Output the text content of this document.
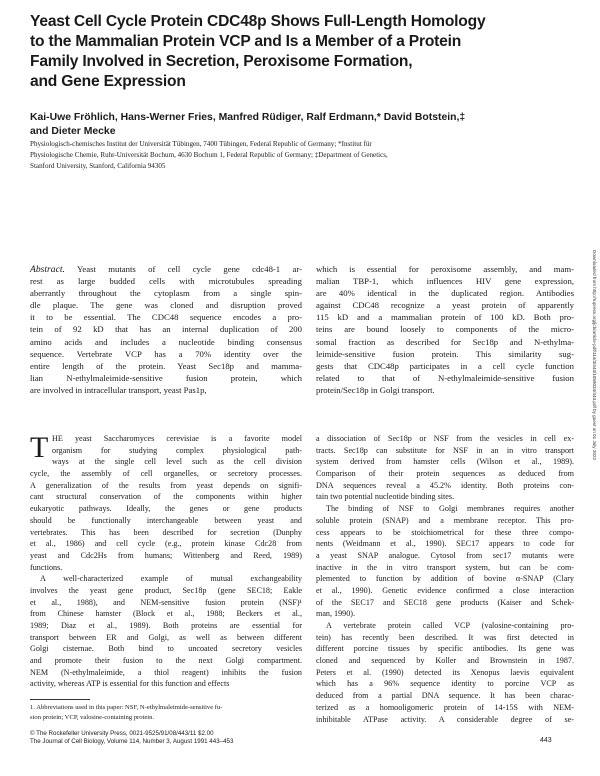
Yeast Cell Cycle Protein CDC48p Shows Full-Length Homology
to the Mammalian Protein VCP and Is a Member of a Protein
Family Involved in Secretion, Peroxisome Formation,
and Gene Expression
Kai-Uwe Fröhlich, Hans-Werner Fries, Manfred Rüdiger, Ralf Erdmann,* David Botstein,‡
and Dieter Mecke
Physiologisch-chemisches Institut der Universität Tübingen, 7400 Tübingen, Federal Republic of Germany; *Institut für
Physiologische Chemie, Ruhr-Universität Bochum, 4630 Bochum 1, Federal Republic of Germany; ‡Department of Genetics,
Stanford University, Stanford, California 94305
Abstract. Yeast mutants of cell cycle gene cdc48-1 ar-
rest as large budded cells with microtubules spreading
aberrantly throughout the cytoplasm from a single spin-
dle plaque. The gene was cloned and disruption proved
it to be essential. The CDC48 sequence encodes a pro-
tein of 92 kD that has an internal duplication of 200
amino acids and includes a nucleotide binding consensus
sequence. Vertebrate VCP has a 70% identity over the
entire length of the protein. Yeast Sec18p and mamma-
lian N-ethylmaleimide-sensitive fusion protein, which
are involved in intracellular transport, yeast Pas1p,
which is essential for peroxisome assembly, and mam-
malian TBP-1, which influences HIV gene expression,
are 40% identical in the duplicated region. Antibodies
against CDC48 recognize a yeast protein of apparently
115 kD and a mammalian protein of 100 kD. Both pro-
teins are bound loosely to components of the micro-
somal fraction as described for Sec18p and N-ethylma-
leimide-sensitive fusion protein. This similarity sug-
gests that CDC48p participates in a cell cycle function
related to that of N-ethylmaleimide-sensitive fusion
protein/Sec18p in Golgi transport.
T HE yeast Saccharomyces cerevisiae is a favorite model
organism for studying complex physiological path-
ways at the single cell level such as the cell division
cycle, the assembly of cell organelles, or secretory processes.
A generalization of the results from yeast depends on signifi-
cant structural conservation of the components within higher
eukaryotic pathways. Ideally, the genes or gene products
should be functionally interchangeable between yeast and
vertebrates. This has been described for secretion (Dunphy
et al., 1986) and cell cycle (e.g., protein kinase Cdc28 from
yeast and Cdc2Hs from humans; Wittenberg and Reed, 1989)
functions.
A well-characterized example of mutual exchangeability
involves the yeast gene product, Sec18p (gene SEC18; Eakle
et al., 1988), and NEM-sensitive fusion protein (NSF)¹
from Chinese hamster (Block et al., 1988; Beckers et al.,
1989; Diaz et al., 1989). Both proteins are essential for
transport between ER and Golgi, as well as between different
Golgi cisternae. Both bind to uncoated secretory vesicles
and promote their fusion to the next Golgi compartment.
NEM (N-ethylmaleimide, a thiol reagent) inhibits the fusion
activity, whereas ATP is essential for this function and effects
a dissociation of Sec18p or NSF from the vesicles in cell ex-
tracts. Sec18p can substitute for NSF in an in vitro transport
system derived from hamster cells (Wilson et al., 1989).
Comparison of their protein sequences as deduced from
DNA sequences reveal a 45.2% identity. Both proteins con-
tain two potential nucleotide binding sites.
The binding of NSF to Golgi membranes requires another
soluble protein (SNAP) and a membrane receptor. This pro-
cess appears to be stoichiometrical for these three compo-
nents (Weidmann et al., 1990). SEC17 appears to code for
a yeast SNAP analogue. Cytosol from sec17 mutants were
inactive in the in vitro transport system, but can be com-
plemented to function by addition of bovine α-SNAP (Clary
et al., 1990). Genetic evidence confirmed a close interaction
of the SEC17 and SEC18 gene products (Kaiser and Schek-
man, 1990).
A vertebrate protein called VCP (valosine-containing pro-
tein) has recently been described. It was first detected in
different porcine tissues by specific antibodies. Its gene was
cloned and sequenced by Koller and Brownstein in 1987.
Peters et al. (1990) detected its Xenopus laevis equivalent
which has a 96% sequence identity to porcine VCP as
deduced from a partial DNA sequence. It has been charac-
terized as a homooligomeric protein of 14-15S with NEM-
inhibitable ATPase activity. A considerable degree of se-
1. Abbreviations used in this paper: NSF, N-ethylmaleimide-sensitive fu-
sion protein; VCP, valosine-containing protein.
© The Rockefeller University Press, 0021-9525/91/08/443/11 $2.00
The Journal of Cell Biology, Volume 114, Number 3, August 1991 443–453	443
Downloaded from http://rupress.org/jcb/article-pdf/114/3/443/1059034/443.pdf by guest on 01 July 2022
